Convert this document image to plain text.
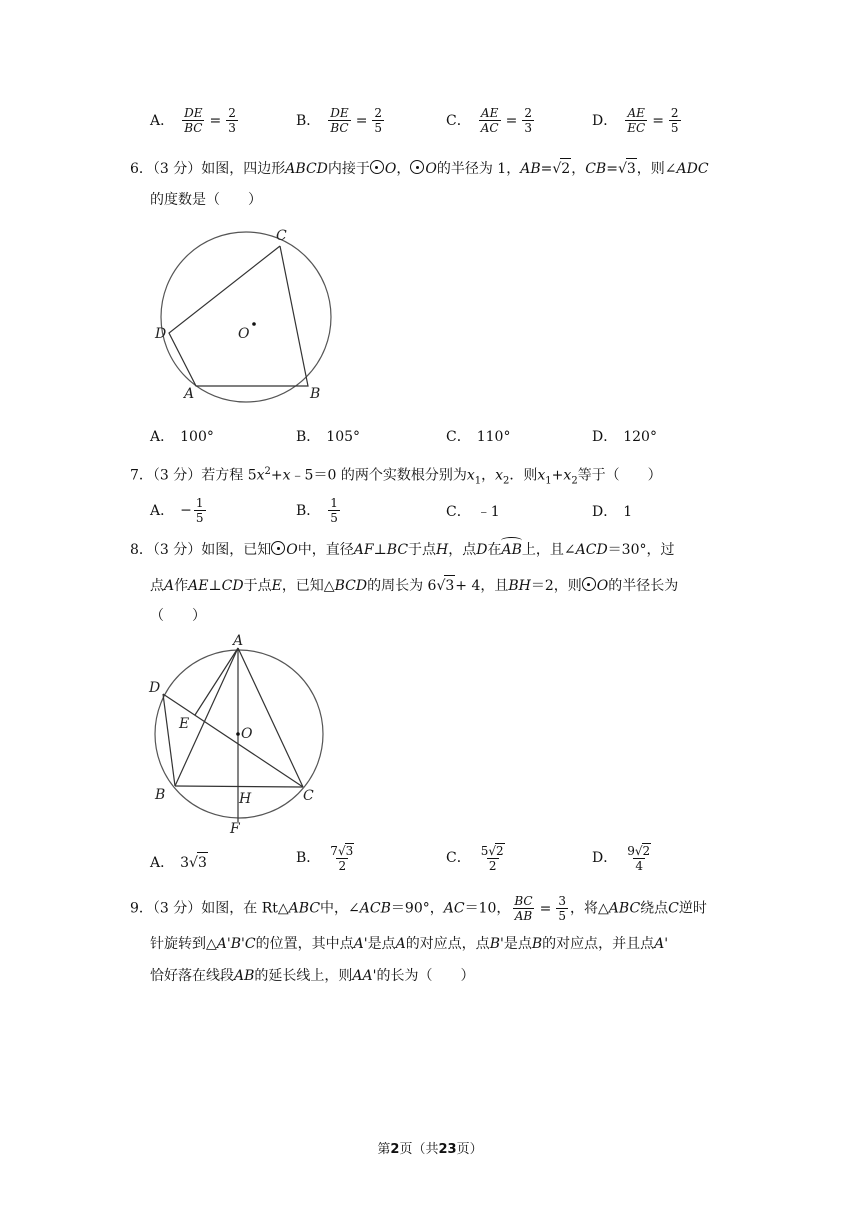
A． $\frac{DE}{BC} = \frac{2}{3}$	B． $\frac{DE}{BC} = \frac{2}{5}$	C． $\frac{AE}{AC} = \frac{2}{3}$	D． $\frac{AE}{EC} = \frac{2}{5}$
6．（3 分）如图，四边形ABCD内接于 O， O的半径为 1，AB=√2，CB=√3，则∠ADC
的度数是（　　）
C
D	O
A	B
A． 100°	B． 105°	C． 110°	D． 120°
7．（3 分）若方程 $5x^2+x﹣5=0$ 的两个实数根分别为$x_1$，$x_2$．则$x_1+x_2$等于（　　）
A． − $\frac{1}{5}$	B． $\frac{1}{5}$	C． ﹣1	D． 1
8．（3 分）如图，已知 O中，直径AF⊥BC于点H，点D在AB上，且∠ACD＝30°，过
点A作AE⊥CD于点E，已知△BCD的周长为 6√3+ 4，且BH＝2，则 O的半径长为
（　　）
A
D
E
O
B	H	C
F
A． 3√3	B． $\frac{7√3}{2}$	C． $\frac{5√2}{2}$	D． $\frac{9√2}{4}$
9．（3 分）如图，在 Rt△ABC中，∠ACB＝90°，AC＝10， $\frac{BC}{AB} = \frac{3}{5}$ ，将△ABC绕点C逆时
针旋转到△A'B'C的位置，其中点A'是点A的对应点，点B'是点B的对应点，并且点A'
恰好落在线段AB的延长线上，则AA'的长为（　　）
第2页（共23页）
